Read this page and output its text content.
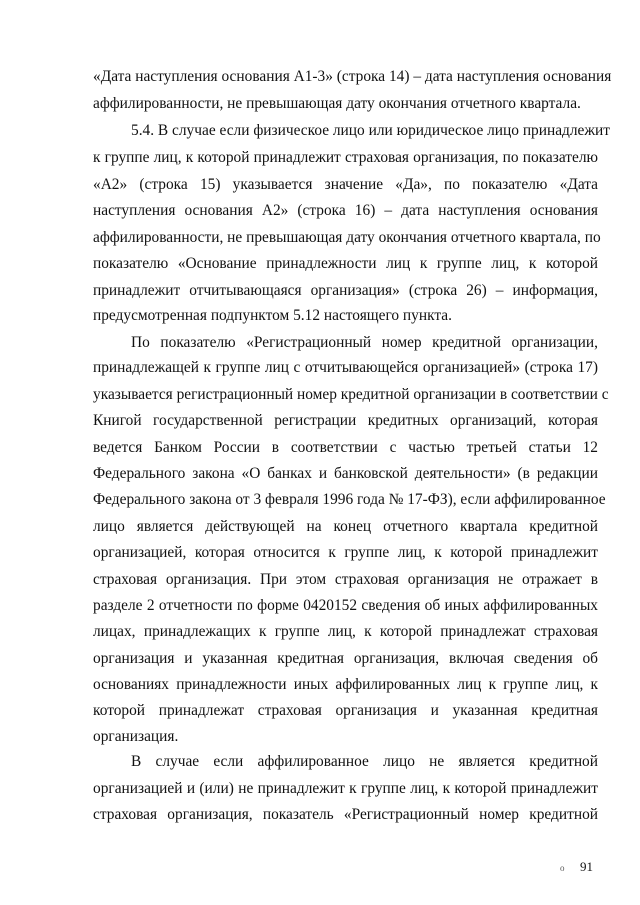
«Дата наступления основания А1-3» (строка 14) – дата наступления основания
аффилированности, не превышающая дату окончания отчетного квартала.
5.4. В случае если физическое лицо или юридическое лицо принадлежит
к группе лиц, к которой принадлежит страховая организация, по показателю
«А2» (строка 15) указывается значение «Да», по показателю «Дата
наступления основания А2» (строка 16) – дата наступления основания
аффилированности, не превышающая дату окончания отчетного квартала, по
показателю «Основание принадлежности лиц к группе лиц, к которой
принадлежит отчитывающаяся организация» (строка 26) – информация,
предусмотренная подпунктом 5.12 настоящего пункта.
По показателю «Регистрационный номер кредитной организации,
принадлежащей к группе лиц с отчитывающейся организацией» (строка 17)
указывается регистрационный номер кредитной организации в соответствии с
Книгой государственной регистрации кредитных организаций, которая
ведется Банком России в соответствии с частью третьей статьи 12
Федерального закона «О банках и банковской деятельности» (в редакции
Федерального закона от 3 февраля 1996 года № 17-ФЗ), если аффилированное
лицо является действующей на конец отчетного квартала кредитной
организацией, которая относится к группе лиц, к которой принадлежит
страховая организация. При этом страховая организация не отражает в
разделе 2 отчетности по форме 0420152 сведения об иных аффилированных
лицах, принадлежащих к группе лиц, к которой принадлежат страховая
организация и указанная кредитная организация, включая сведения об
основаниях принадлежности иных аффилированных лиц к группе лиц, к
которой принадлежат страховая организация и указанная кредитная
организация.
В случае если аффилированное лицо не является кредитной
организацией и (или) не принадлежит к группе лиц, к которой принадлежит
страховая организация, показатель «Регистрационный номер кредитной
о 91
